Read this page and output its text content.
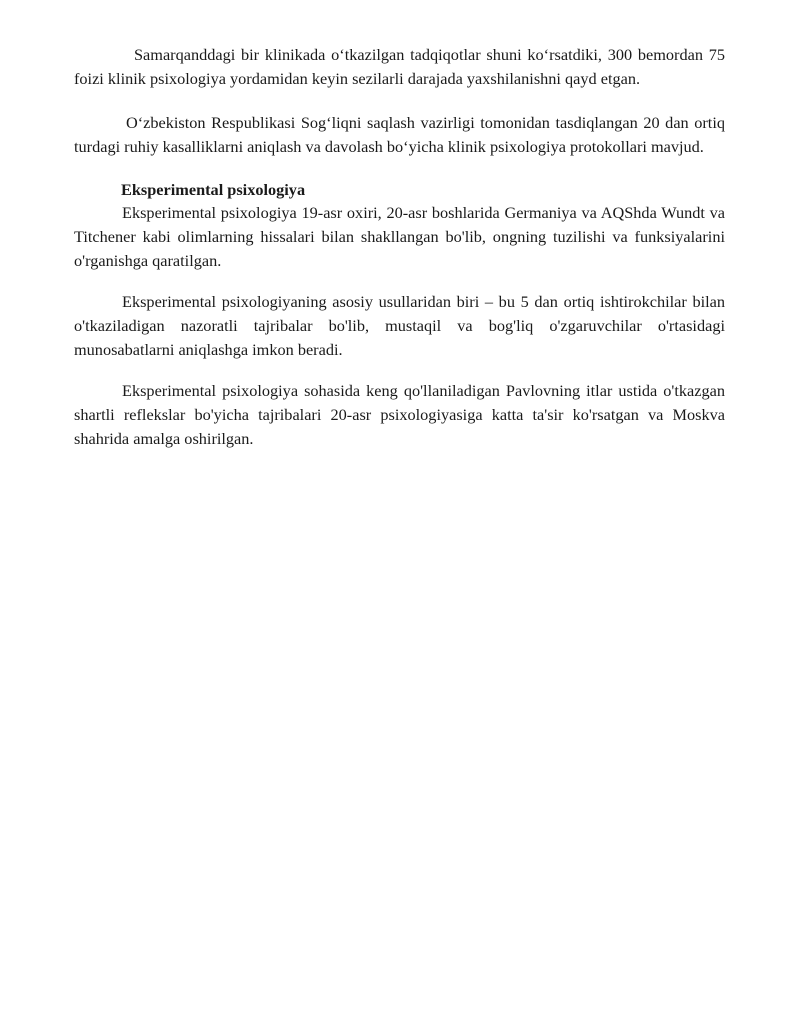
Samarqanddagi bir klinikada o‘tkazilgan tadqiqotlar shuni ko‘rsatdiki, 300 bemordan 75 foizi klinik psixologiya yordamidan keyin sezilarli darajada yaxshilanishni qayd etgan.

O‘zbekiston Respublikasi Sog‘liqni saqlash vazirligi tomonidan tasdiqlangan 20 dan ortiq turdagi ruhiy kasalliklarni aniqlash va davolash bo‘yicha klinik psixologiya protokollari mavjud.

Eksperimental psixologiya

Eksperimental psixologiya 19-asr oxiri, 20-asr boshlarida Germaniya va AQShda Wundt va Titchener kabi olimlarning hissalari bilan shakllangan bo'lib, ongning tuzilishi va funksiyalarini o'rganishga qaratilgan.

Eksperimental psixologiyaning asosiy usullaridan biri – bu 5 dan ortiq ishtirokchilar bilan o'tkaziladigan nazoratli tajribalar bo'lib, mustaqil va bog'liq o'zgaruvchilar o'rtasidagi munosabatlarni aniqlashga imkon beradi.

Eksperimental psixologiya sohasida keng qo'llaniladigan Pavlovning itlar ustida o'tkazgan shartli reflekslar bo'yicha tajribalari 20-asr psixologiyasiga katta ta'sir ko'rsatgan va Moskva shahrida amalga oshirilgan.
